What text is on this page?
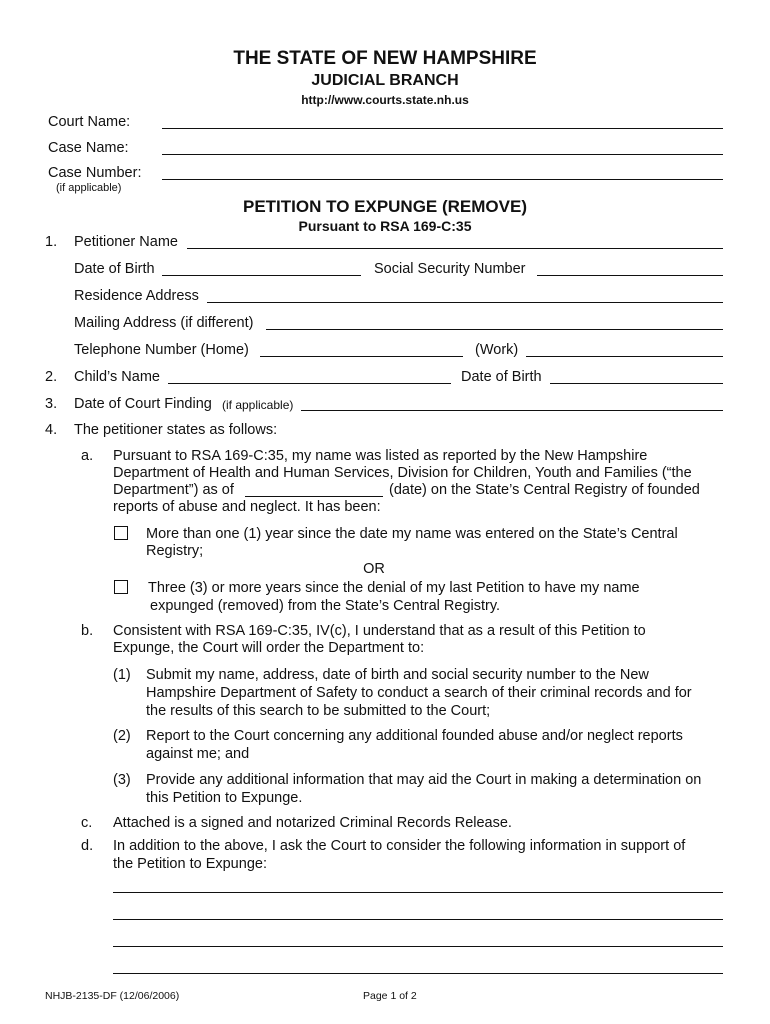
THE STATE OF NEW HAMPSHIRE
JUDICIAL BRANCH
http://www.courts.state.nh.us
Court Name:
Case Name:
Case Number:
(if applicable)
PETITION TO EXPUNGE (REMOVE)
Pursuant to RSA 169-C:35
1. Petitioner Name
Date of Birth	Social Security Number
Residence Address
Mailing Address (if different)
Telephone Number (Home)	(Work)
2. Child’s Name	Date of Birth
3. Date of Court Finding (if applicable)
4. The petitioner states as follows:
a. Pursuant to RSA 169-C:35, my name was listed as reported by the New Hampshire
Department of Health and Human Services, Division for Children, Youth and Families (“the
Department”) as of	(date) on the State’s Central Registry of founded
reports of abuse and neglect. It has been:
More than one (1) year since the date my name was entered on the State’s Central
Registry;
OR
Three (3) or more years since the denial of my last Petition to have my name
expunged (removed) from the State’s Central Registry.
b. Consistent with RSA 169-C:35, IV(c), I understand that as a result of this Petition to
Expunge, the Court will order the Department to:
(1) Submit my name, address, date of birth and social security number to the New
Hampshire Department of Safety to conduct a search of their criminal records and for
the results of this search to be submitted to the Court;
(2) Report to the Court concerning any additional founded abuse and/or neglect reports
against me; and
(3) Provide any additional information that may aid the Court in making a determination on
this Petition to Expunge.
c. Attached is a signed and notarized Criminal Records Release.
d. In addition to the above, I ask the Court to consider the following information in support of
the Petition to Expunge:
NHJB-2135-DF (12/06/2006)	Page 1 of 2
